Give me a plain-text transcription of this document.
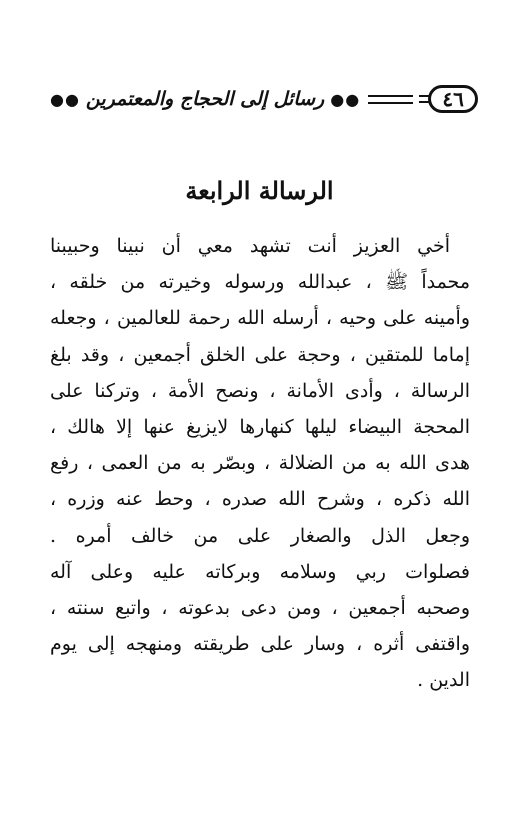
٤٦
●●
رسائل إلى الحجاج والمعتمرين
●●
الرسالة الرابعة
أخي العزيز أنت تشهد معي أن نبينا وحبيبنا
محمداً ﷺ ، عبدالله ورسوله وخيرته من خلقه ،
وأمينه على وحيه ، أرسله الله رحمة للعالمين ، وجعله
إماما للمتقين ، وحجة على الخلق أجمعين ، وقد بلغ
الرسالة ، وأدى الأمانة ، ونصح الأمة ، وتركنا على
المحجة البيضاء ليلها كنهارها لايزيغ عنها إلا هالك ،
هدى الله به من الضلالة ، وبصّر به من العمى ، رفع
الله ذكره ، وشرح الله صدره ، وحط عنه وزره ،
وجعل الذل والصغار على من خالف أمره .
فصلوات ربي وسلامه وبركاته عليه وعلى آله
وصحبه أجمعين ، ومن دعى بدعوته ، واتبع سنته ،
واقتفى أثره ، وسار على طريقته ومنهجه إلى يوم
الدين .
